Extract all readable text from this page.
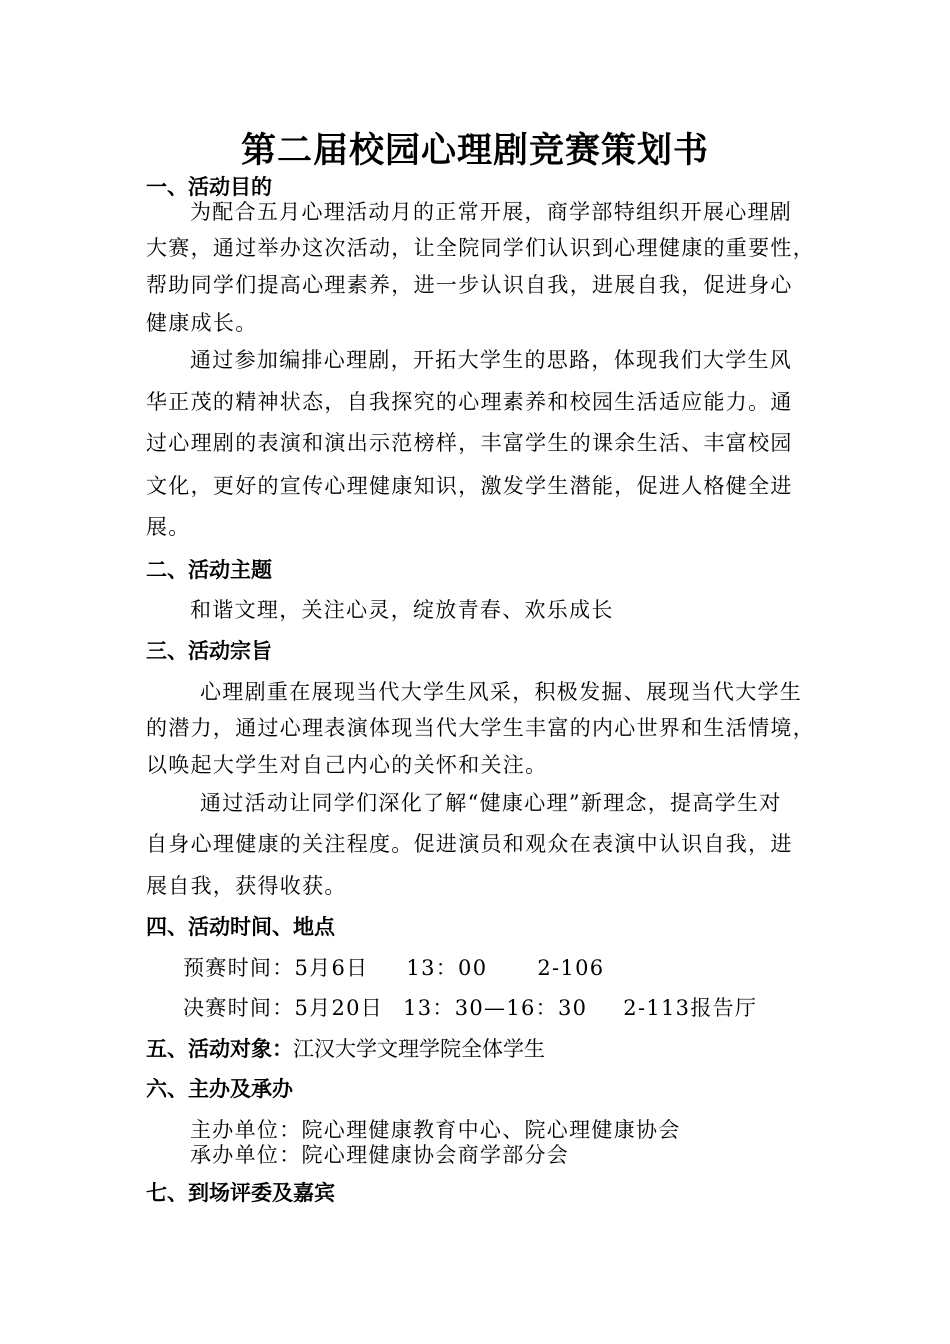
第二届校园心理剧竞赛策划书
一、活动目的
为配合五月心理活动月的正常开展，商学部特组织开展心理剧
大赛，通过举办这次活动，让全院同学们认识到心理健康的重要性，
帮助同学们提高心理素养，进一步认识自我，进展自我，促进身心
健康成长。
通过参加编排心理剧，开拓大学生的思路，体现我们大学生风
华正茂的精神状态，自我探究的心理素养和校园生活适应能力。通
过心理剧的表演和演出示范榜样，丰富学生的课余生活、丰富校园
文化，更好的宣传心理健康知识，激发学生潜能，促进人格健全进
展。
二、活动主题
和谐文理，关注心灵，绽放青春、欢乐成长
三、活动宗旨
心理剧重在展现当代大学生风采，积极发掘、展现当代大学生
的潜力，通过心理表演体现当代大学生丰富的内心世界和生活情境，
以唤起大学生对自己内心的关怀和关注。
通过活动让同学们深化了解“健康心理”新理念，提高学生对
自身心理健康的关注程度。促进演员和观众在表演中认识自我，进
展自我，获得收获。
四、活动时间、地点
预赛时间：5月6日 13：00 2-106
决赛时间：5月20日 13：30—16：30 2-113报告厅
五、活动对象：江汉大学文理学院全体学生
六、主办及承办
主办单位：院心理健康教育中心、院心理健康协会
承办单位：院心理健康协会商学部分会
七、到场评委及嘉宾
